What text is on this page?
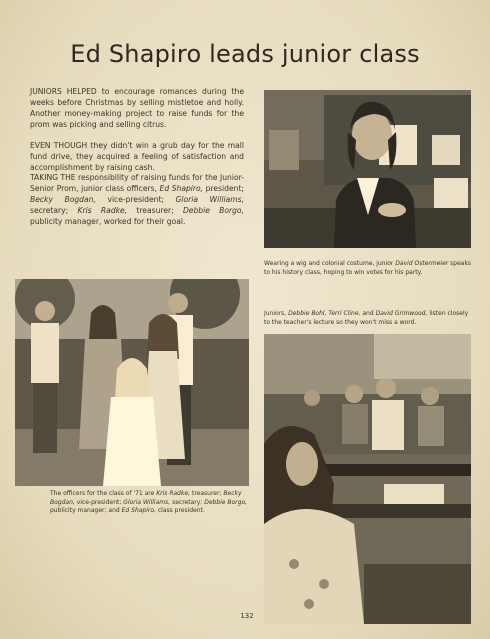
Ed Shapiro leads junior class
JUNIORS HELPED to encourage romances during the weeks before Christmas by selling mistletoe and holly. Another money-making project to raise funds for the prom was picking and selling citrus.
EVEN THOUGH they didn't win a grub day for the mall fund drive, they acquired a feeling of satisfaction and accomplishment by raising cash.
TAKING THE responsibility of raising funds for the Junior-Senior Prom, junior class officers, Ed Shapiro, president; Becky Bogdan, vice-president; Gloria Williams, secretary; Kris Radke, treasurer; Debbie Borgo, publicity manager, worked for their goal.
Wearing a wig and colonial costume, junior David Ostermeier speaks to his history class, hoping to win votes for his party.
The officers for the class of '71 are Kris Radke, treasurer; Becky Bogdan, vice-president; Gloria Williams, secretary; Debbie Borgo, publicity manager; and Ed Shapiro, class president.
Juniors, Debbie Bohl, Terri Cline, and David Grimwood, listen closely to the teacher's lecture so they won't miss a word.
132
